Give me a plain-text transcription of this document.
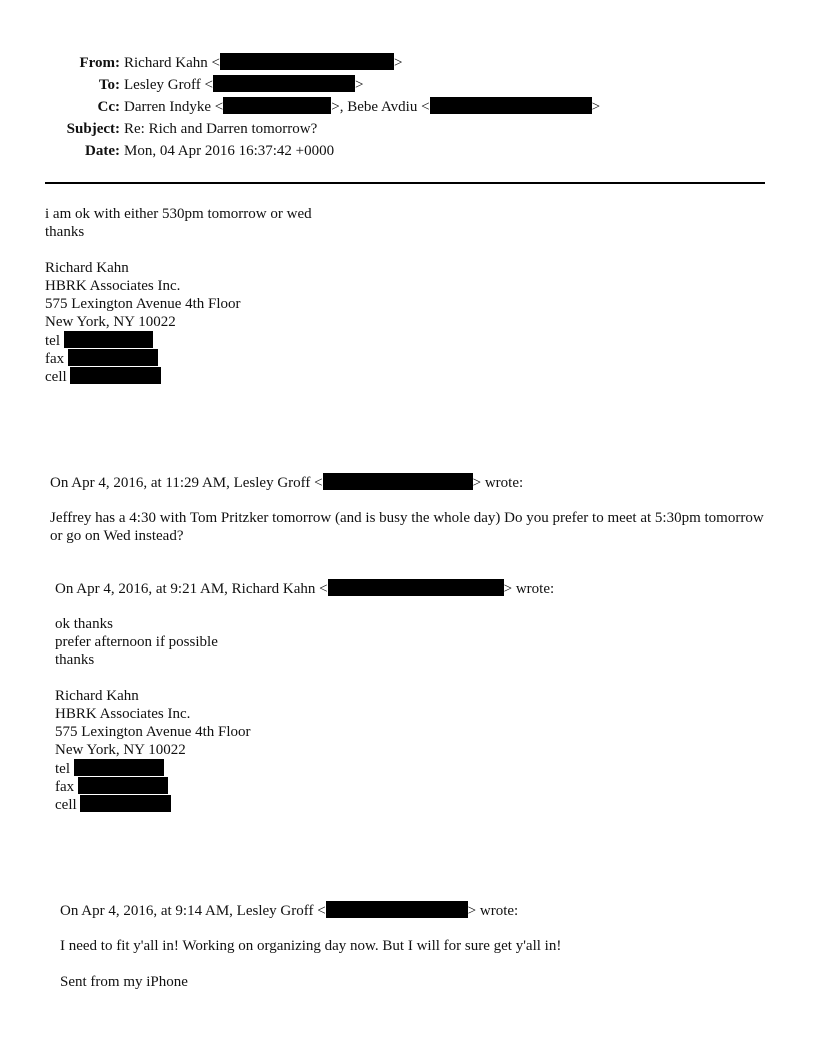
From: Richard Kahn <	>
To: Lesley Groff <	>
Cc: Darren Indyke <	>, Bebe Avdiu <	>
Subject: Re: Rich and Darren tomorrow?
Date: Mon, 04 Apr 2016 16:37:42 +0000
i am ok with either 530pm tomorrow or wed
thanks
Richard Kahn
HBRK Associates Inc.
575 Lexington Avenue 4th Floor
New York, NY 10022
tel
fax
cell
On Apr 4, 2016, at 11:29 AM, Lesley Groff <	> wrote:
Jeffrey has a 4:30 with Tom Pritzker tomorrow (and is busy the whole day) Do you prefer to meet at 5:30pm tomorrow or go on Wed instead?
On Apr 4, 2016, at 9:21 AM, Richard Kahn <	> wrote:
ok thanks
prefer afternoon if possible
thanks
Richard Kahn
HBRK Associates Inc.
575 Lexington Avenue 4th Floor
New York, NY 10022
tel
fax
cell
On Apr 4, 2016, at 9:14 AM, Lesley Groff <	> wrote:
I need to fit y'all in! Working on organizing day now. But I will for sure get y'all in!
Sent from my iPhone
